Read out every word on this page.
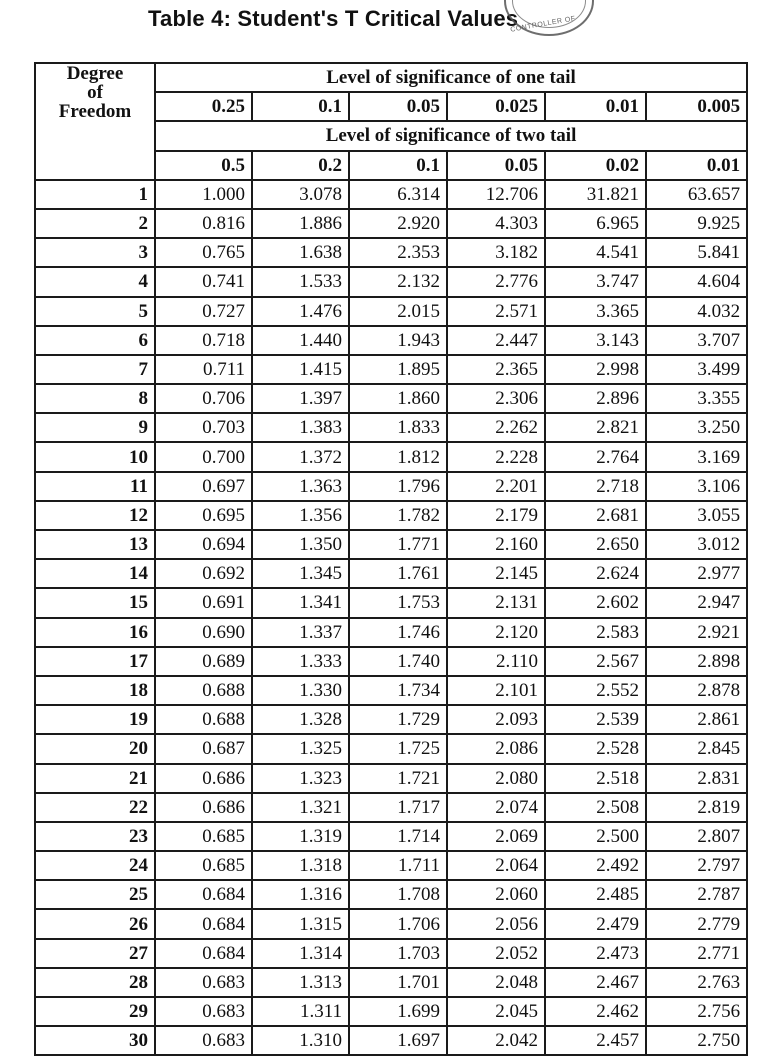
Table 4: Student's T Critical Values
CONTROLLER OF
Degree
of
Freedom	Level of significance of one tail					
	0.25	0.1	0.05	0.025	0.01	0.005
	Level of significance of two tail					
	0.5	0.2	0.1	0.05	0.02	0.01
1	1.000	3.078	6.314	12.706	31.821	63.657
2	0.816	1.886	2.920	4.303	6.965	9.925
3	0.765	1.638	2.353	3.182	4.541	5.841
4	0.741	1.533	2.132	2.776	3.747	4.604
5	0.727	1.476	2.015	2.571	3.365	4.032
6	0.718	1.440	1.943	2.447	3.143	3.707
7	0.711	1.415	1.895	2.365	2.998	3.499
8	0.706	1.397	1.860	2.306	2.896	3.355
9	0.703	1.383	1.833	2.262	2.821	3.250
10	0.700	1.372	1.812	2.228	2.764	3.169
11	0.697	1.363	1.796	2.201	2.718	3.106
12	0.695	1.356	1.782	2.179	2.681	3.055
13	0.694	1.350	1.771	2.160	2.650	3.012
14	0.692	1.345	1.761	2.145	2.624	2.977
15	0.691	1.341	1.753	2.131	2.602	2.947
16	0.690	1.337	1.746	2.120	2.583	2.921
17	0.689	1.333	1.740	2.110	2.567	2.898
18	0.688	1.330	1.734	2.101	2.552	2.878
19	0.688	1.328	1.729	2.093	2.539	2.861
20	0.687	1.325	1.725	2.086	2.528	2.845
21	0.686	1.323	1.721	2.080	2.518	2.831
22	0.686	1.321	1.717	2.074	2.508	2.819
23	0.685	1.319	1.714	2.069	2.500	2.807
24	0.685	1.318	1.711	2.064	2.492	2.797
25	0.684	1.316	1.708	2.060	2.485	2.787
26	0.684	1.315	1.706	2.056	2.479	2.779
27	0.684	1.314	1.703	2.052	2.473	2.771
28	0.683	1.313	1.701	2.048	2.467	2.763
29	0.683	1.311	1.699	2.045	2.462	2.756
30	0.683	1.310	1.697	2.042	2.457	2.750
